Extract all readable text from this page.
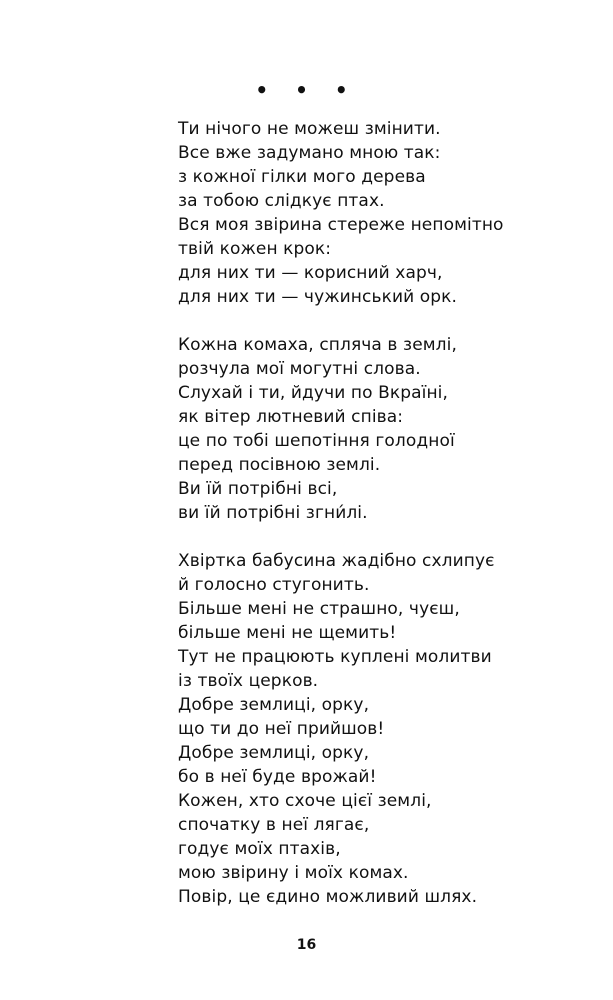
• • •
Ти нічого не можеш змінити.
Все вже задумано мною так:
з кожної гілки мого дерева
за тобою слідкує птах.
Вся моя звірина стереже непомітно
твій кожен крок:
для них ти — корисний харч,
для них ти — чужинський орк.
Кожна комаха, спляча в землі,
розчула мої могутні слова.
Слухай і ти, йдучи по Вкраїні,
як вітер лютневий співа:
це по тобі шепотіння голодної
перед посівною землі.
Ви їй потрібні всі,
ви їй потрібні згни́лі.
Хвіртка бабусина жадібно схлипує
й голосно стугонить.
Більше мені не страшно, чуєш,
більше мені не щемить!
Тут не працюють куплені молитви
із твоїх церков.
Добре землиці, орку,
що ти до неї прийшов!
Добре землиці, орку,
бо в неї буде врожай!
Кожен, хто схоче цієї землі,
спочатку в неї лягає,
годує моїх птахів,
мою звірину і моїх комах.
Повір, це єдино можливий шлях.
16
